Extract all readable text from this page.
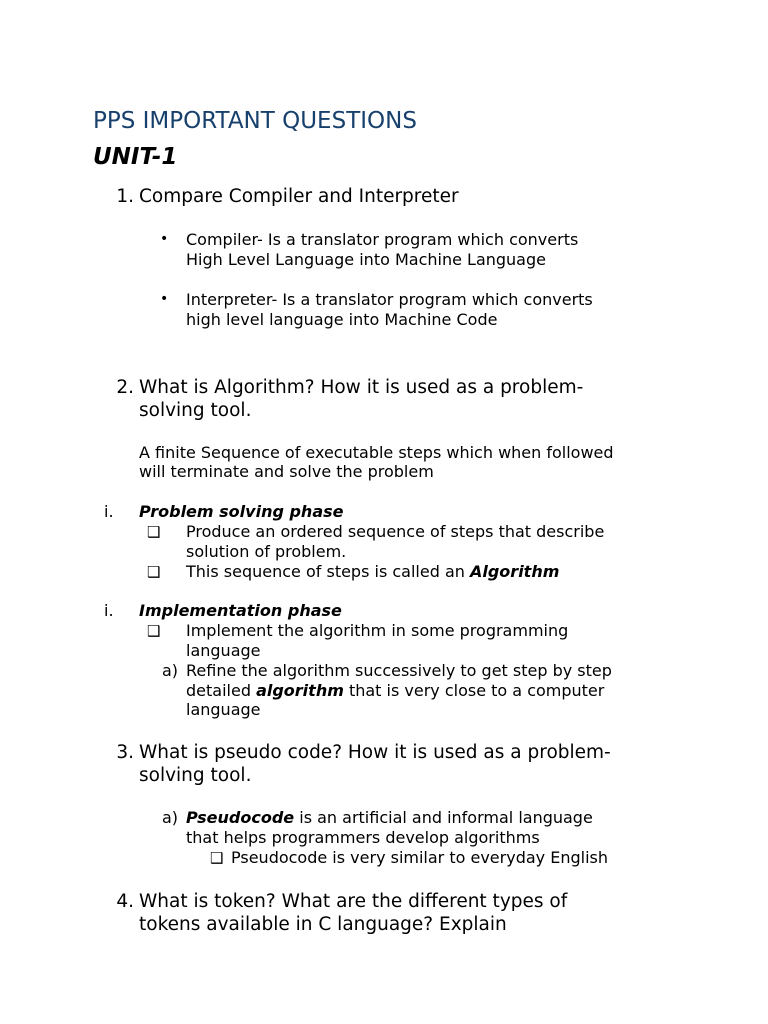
PPS IMPORTANT QUESTIONS
UNIT-1
1. Compare Compiler and Interpreter
• Compiler- Is a translator program which converts
High Level Language into Machine Language
• Interpreter- Is a translator program which converts
high level language into Machine Code
2. What is Algorithm? How it is used as a problem-
solving tool.
A finite Sequence of executable steps which when followed
will terminate and solve the problem
i. Problem solving phase
❑ Produce an ordered sequence of steps that describe
solution of problem.
❑ This sequence of steps is called an Algorithm
i. Implementation phase
❑ Implement the algorithm in some programming
language
a) Refine the algorithm successively to get step by step
detailed algorithm that is very close to a computer
language
3. What is pseudo code? How it is used as a problem-
solving tool.
a) Pseudocode is an artificial and informal language
that helps programmers develop algorithms
❑ Pseudocode is very similar to everyday English
4. What is token? What are the different types of
tokens available in C language? Explain
